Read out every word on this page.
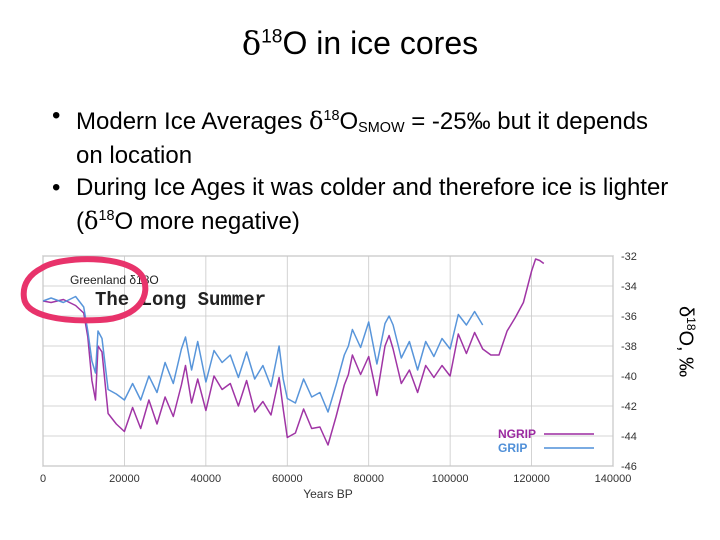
$\delta^{18}O$ in ice cores
• Modern Ice Averages $\delta^{18}O_{SMOW}$ = -25‰ but it depends on location
• During Ice Ages it was colder and therefore ice is lighter ($\delta^{18}O$ more negative)
0	20000	40000	60000	80000	100000	120000	140000
-32
-34
-36
-38
-40
-42
-44
-46
Years BP
NGRIP
GRIP
Greenland δ18O
The Long Summer
$\delta^{18}O$, ‰
